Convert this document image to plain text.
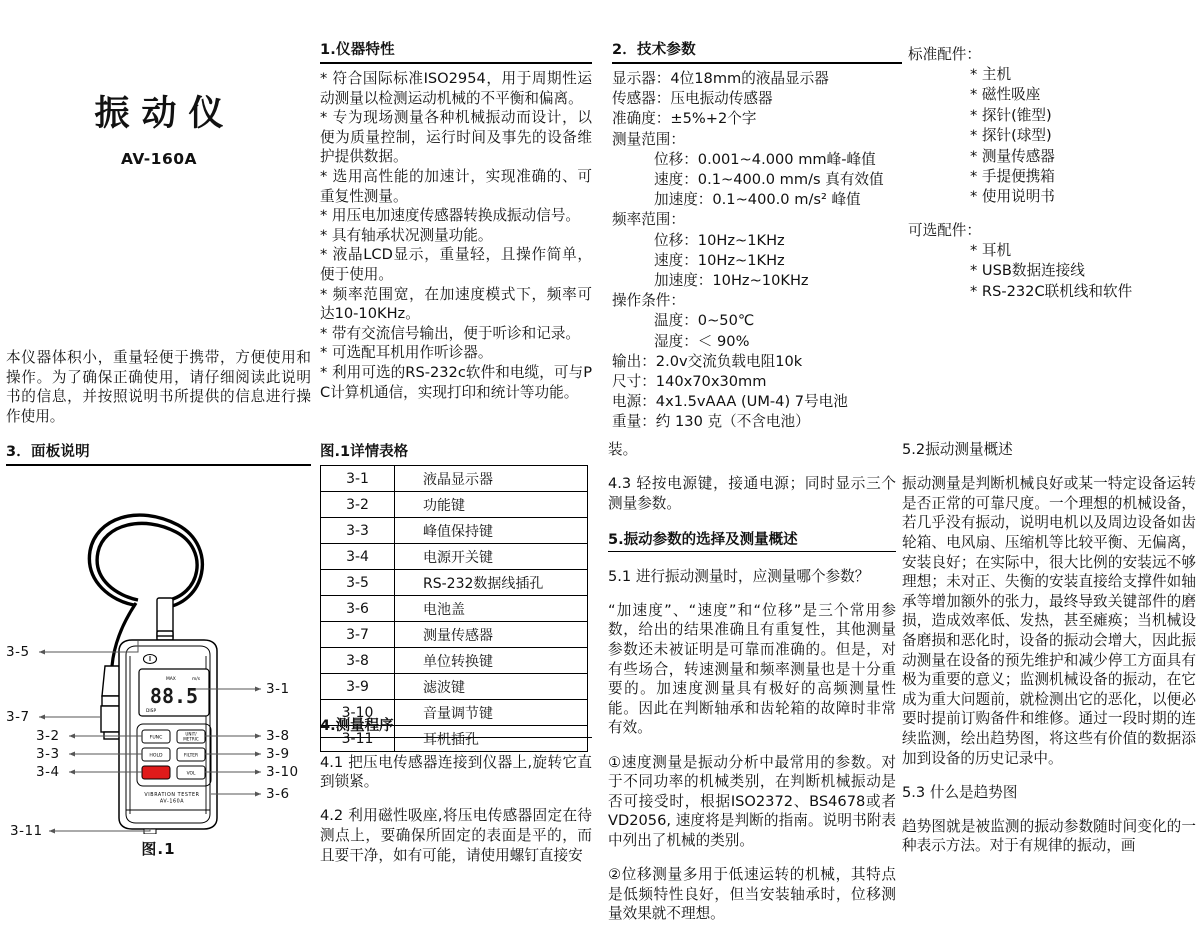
振动仪
AV-160A
本仪器体积小，重量轻便于携带，方便使用和操作。为了确保正确使用，请仔细阅读此说明书的信息，并按照说明书所提供的信息进行操作使用。
1.仪器特性

* 符合国际标准ISO2954，用于周期性运动测量以检测运动机械的不平衡和偏离。

* 专为现场测量各种机械振动而设计，以便为质量控制，运行时间及事先的设备维护提供数据。

* 选用高性能的加速计，实现准确的、可重复性测量。

* 用压电加速度传感器转换成振动信号。

* 具有轴承状况测量功能。

* 液晶LCD显示，重量轻，且操作简单，便于使用。

* 频率范围宽，在加速度模式下，频率可达10-10KHz。

* 带有交流信号输出，便于听诊和记录。

* 可选配耳机用作听诊器。

* 利用可选的RS-232c软件和电缆，可与PC计算机通信，实现打印和统计等功能。

2．技术参数

显示器：4位18mm的液晶显示器

传感器：压电振动传感器

准确度：±5%+2个字

测量范围：

位移：0.001~4.000 mm峰-峰值

速度：0.1~400.0 mm/s 真有效值

加速度：0.1~400.0 m/s² 峰值

频率范围：

位移：10Hz~1KHz

速度：10Hz~1KHz

加速度：10Hz~10KHz

操作条件：

温度：0~50℃

湿度：＜ 90%

输出：2.0v交流负载电阻10k

尺寸：140x70x30mm

电源：4x1.5vAAA (UM-4) 7号电池

重量：约 130 克（不含电池）

标准配件：

* 主机

* 磁性吸座

* 探针(锥型)

* 探针(球型)

* 测量传感器

* 手提便携箱

* 使用说明书

可选配件：

* 耳机

* USB数据连接线

* RS-232C联机线和软件

3．面板说明
MAX	m/s
88.5
DISP
FUNC
HOLD
UNIT/
METRIC
FILTER
VOL
VIBRATION TESTER
AV-160A
3-5
3-7
3-2
3-3
3-4
3-11
3-1
3-8
3-9
3-10
3-6
图.1
图.1详情表格
3-1	液晶显示器
3-2	功能键
3-3	峰值保持键
3-4	电源开关键
3-5	RS-232数据线插孔
3-6	电池盖
3-7	测量传感器
3-8	单位转换键
3-9	滤波键
3-10	音量调节键
3-11	耳机插孔
4.测量程序

4.1 把压电传感器连接到仪器上,旋转它直到锁紧。

4.2 利用磁性吸座,将压电传感器固定在待测点上，要确保所固定的表面是平的，而且要干净，如有可能，请使用螺钉直接安

装。

4.3 轻按电源键，接通电源；同时显示三个测量参数。

5.振动参数的选择及测量概述

5.1 进行振动测量时，应测量哪个参数？

“加速度”、“速度”和“位移”是三个常用参数，给出的结果准确且有重复性，其他测量参数还未被证明是可靠而准确的。但是，对有些场合，转速测量和频率测量也是十分重要的。加速度测量具有极好的高频测量性能。因此在判断轴承和齿轮箱的故障时非常有效。

①速度测量是振动分析中最常用的参数。对于不同功率的机械类别，在判断机械振动是否可接受时，根据ISO2372、BS4678或者VD2056, 速度将是判断的指南。说明书附表中列出了机械的类别。

②位移测量多用于低速运转的机械，其特点是低频特性良好，但当安装轴承时，位移测量效果就不理想。

5.2振动测量概述

振动测量是判断机械良好或某一特定设备运转是否正常的可靠尺度。一个理想的机械设备，若几乎没有振动，说明电机以及周边设备如齿轮箱、电风扇、压缩机等比较平衡、无偏离，安装良好；在实际中，很大比例的安装远不够理想；未对正、失衡的安装直接给支撑件如轴承等增加额外的张力，最终导致关键部件的磨损，造成效率低、发热，甚至瘫痪；当机械设备磨损和恶化时，设备的振动会增大，因此振动测量在设备的预先维护和减少停工方面具有极为重要的意义；监测机械设备的振动，在它成为重大问题前，就检测出它的恶化，以便必要时提前订购备件和维修。通过一段时期的连续监测，绘出趋势图，将这些有价值的数据添加到设备的历史记录中。

5.3 什么是趋势图

趋势图就是被监测的振动参数随时间变化的一种表示方法。对于有规律的振动，画
